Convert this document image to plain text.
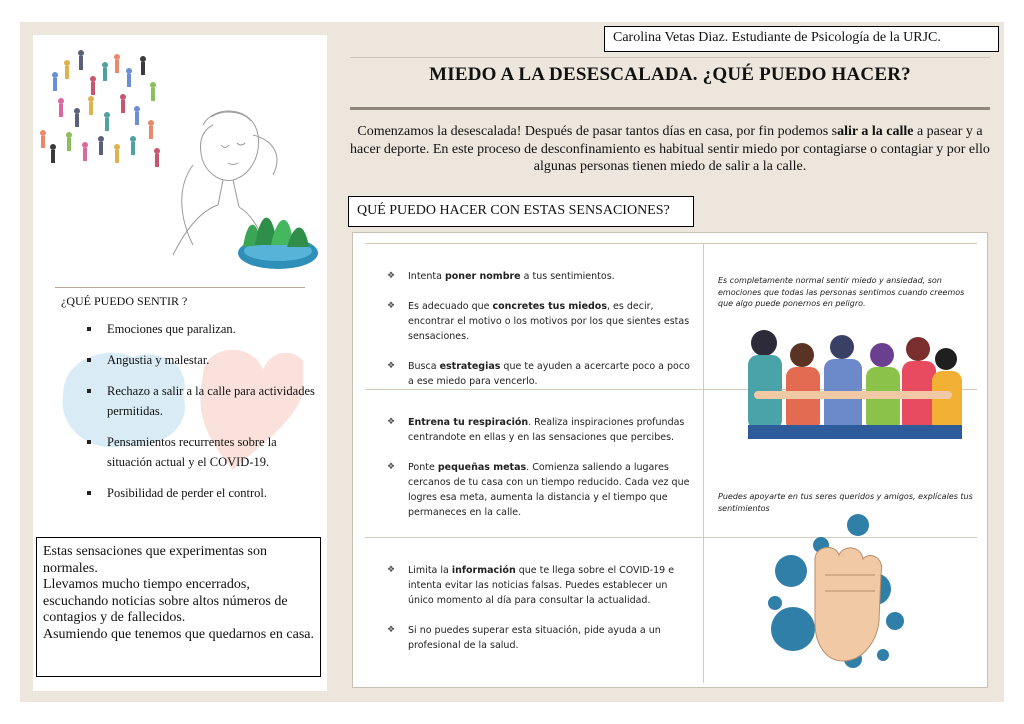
¿QUÉ PUEDO SENTIR ?
Emociones que paralizan.
Angustia y malestar.
Rechazo a salir a la calle para actividades permitidas.
Pensamientos recurrentes sobre la situación actual y el COVID-19.
Posibilidad de perder el control.

Estas sensaciones que experimentas son normales.

Llevamos mucho tiempo encerrados, escuchando noticias sobre altos números de contagios y de fallecidos.

Asumiendo que tenemos que quedarnos en casa.

Carolina Vetas Diaz. Estudiante de Psicología de la URJC.
MIEDO A LA DESESCALADA. ¿QUÉ PUEDO HACER?
Comenzamos la desescalada! Después de pasar tantos días en casa, por fin podemos salir a la calle a pasear y a hacer deporte. En este proceso de desconfinamiento es habitual sentir miedo por contagiarse o contagiar y por ello algunas personas tienen miedo de salir a la calle.
QUÉ PUEDO HACER CON ESTAS SENSACIONES?
❖ Intenta poner nombre a tus sentimientos.
❖ Es adecuado que concretes tus miedos, es decir, encontrar el motivo o los motivos por los que sientes estas sensaciones.
❖ Busca estrategias que te ayuden a acercarte poco a poco a ese miedo para vencerlo.
❖ Entrena tu respiración. Realiza inspiraciones profundas centrandote en ellas y en las sensaciones que percibes.
❖ Ponte pequeñas metas. Comienza saliendo a lugares cercanos de tu casa con un tiempo reducido. Cada vez que logres esa meta, aumenta la distancia y el tiempo que permaneces en la calle.
❖ Limita la información que te llega sobre el COVID-19 e intenta evitar las noticias falsas. Puedes establecer un único momento al día para consultar la actualidad.
❖ Si no puedes superar esta situación, pide ayuda a un profesional de la salud.
Es completamente normal sentir miedo y ansiedad, son emociones que todas las personas sentimos cuando creemos que algo puede ponernos en peligro.
Puedes apoyarte en tus seres queridos y amigos, explícales tus sentimientos
